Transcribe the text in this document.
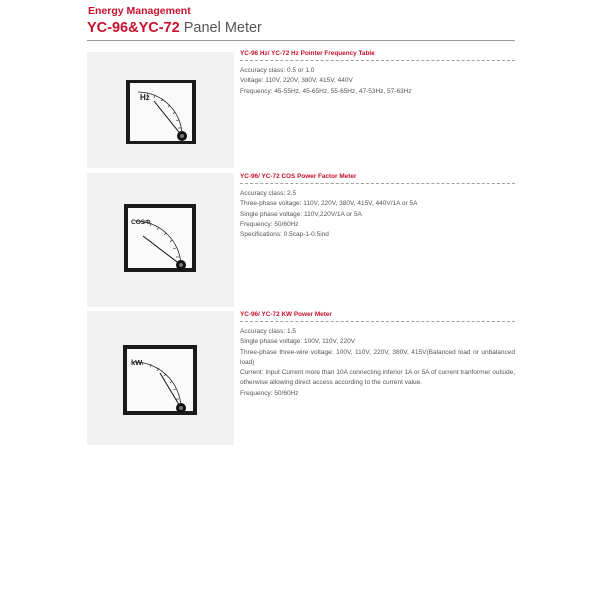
Energy Management
YC-96&YC-72 Panel Meter
Hz
YC-96 Hz/ YC-72 Hz Pointer Frequency Table
Accuracy class: 0.5 or 1.0
Voltage: 110V, 220V, 380V, 415V, 440V
Frequency: 45-55Hz, 45-65Hz, 55-65Hz, 47-53Hz, 57-63Hz
COSΦ
YC-96/ YC-72 COS Power Factor Meter
Accuracy class: 2.5
Three-phase voltage: 110V, 220V, 380V, 415V, 440V/1A or 5A
Single phase voltage: 110V,220V/1A or 5A
Frequency: 50/60Hz
Specifications: 0.5cap-1-0.5ind
kW
YC-96/ YC-72 KW Power Meter
Accuracy class: 1.5
Single phase voltage: 100V, 110V, 220V
Three-phase three-wire voltage: 100V, 110V, 220V, 380V, 415V(Balanced load or unbalanced load)
Current: Input Current more than 10A connecting inferior 1A or 5A of current tranformer outside, otherwise allowing direct access according to the current value.
Frequency: 50/60Hz
